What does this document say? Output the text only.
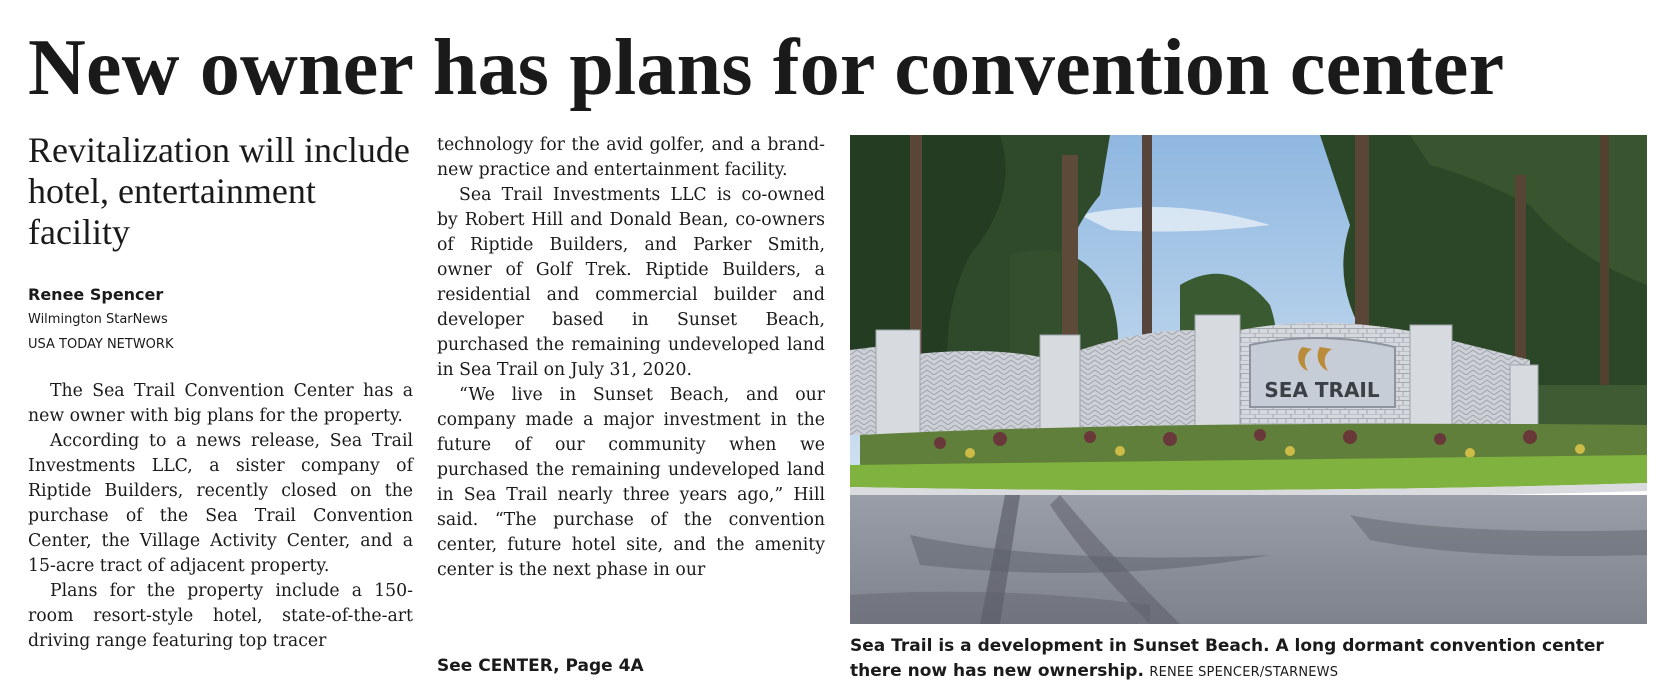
New owner has plans for convention center
Revitalization will include hotel, entertainment facility
Renee Spencer
Wilmington StarNews
USA TODAY NETWORK

The Sea Trail Convention Center has a new owner with big plans for the property.

According to a news release, Sea Trail Investments LLC, a sister company of Riptide Builders, recently closed on the purchase of the Sea Trail Convention Center, the Village Activity Center, and a 15-acre tract of adjacent property.

Plans for the property include a 150-room resort-style hotel, state-of-the-art driving range featuring top tracer

technology for the avid golfer, and a brand-new practice and entertainment facility.

Sea Trail Investments LLC is co-owned by Robert Hill and Donald Bean, co-owners of Riptide Builders, and Parker Smith, owner of Golf Trek. Riptide Builders, a residential and commercial builder and developer based in Sunset Beach, purchased the remaining undeveloped land in Sea Trail on July 31, 2020.

“We live in Sunset Beach, and our company made a major investment in the future of our community when we purchased the remaining undeveloped land in Sea Trail nearly three years ago,” Hill said. “The purchase of the convention center, future hotel site, and the amenity center is the next phase in our

See CENTER, Page 4A
SEA TRAIL
Sea Trail is a development in Sunset Beach. A long dormant convention center there now has new ownership. RENEE SPENCER/STARNEWS
